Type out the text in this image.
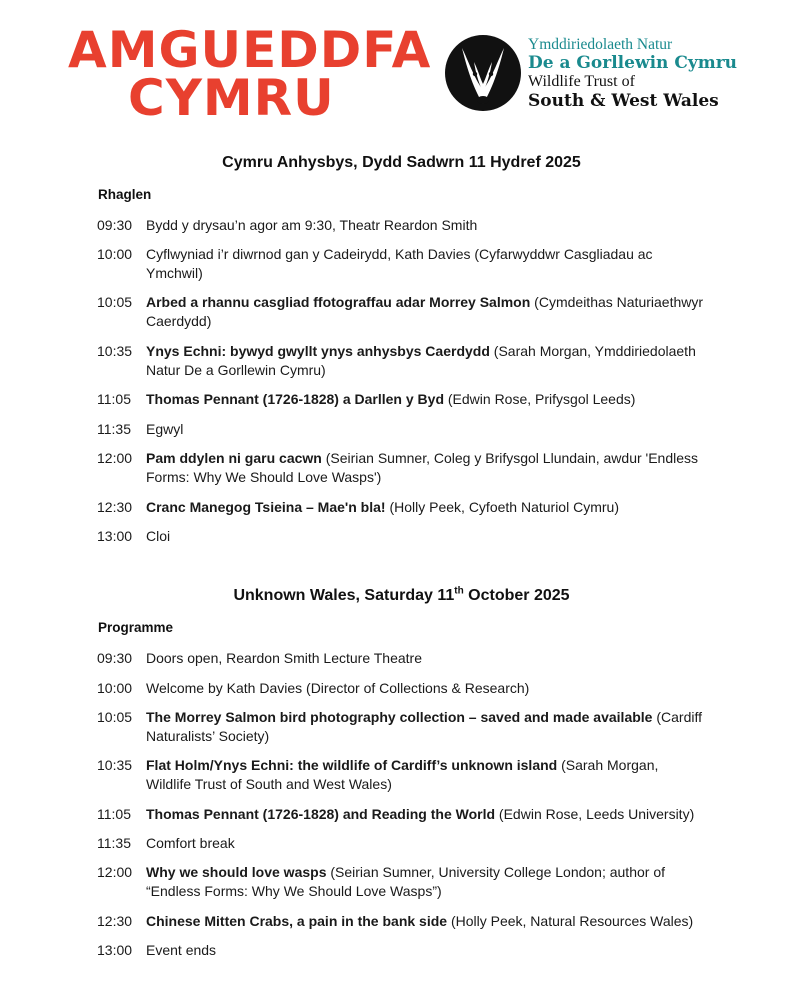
AMGUEDDFA
CYMRU
Ymddiriedolaeth Natur
De a Gorllewin Cymru
Wildlife Trust of
South & West Wales
Cymru Anhysbys, Dydd Sadwrn 11 Hydref 2025
Rhaglen
09:30 Bydd y drysau’n agor am 9:30, Theatr Reardon Smith
10:00 Cyflwyniad i’r diwrnod gan y Cadeirydd, Kath Davies (Cyfarwyddwr Casgliadau ac Ymchwil)
10:05 Arbed a rhannu casgliad ffotograffau adar Morrey Salmon (Cymdeithas Naturiaethwyr Caerdydd)
10:35 Ynys Echni: bywyd gwyllt ynys anhysbys Caerdydd (Sarah Morgan, Ymddiriedolaeth Natur De a Gorllewin Cymru)
11:05	Thomas Pennant (1726-1828) a Darllen y Byd (Edwin Rose, Prifysgol Leeds)
11:35	Egwyl
12:00 Pam ddylen ni garu cacwn (Seirian Sumner, Coleg y Brifysgol Llundain, awdur 'Endless Forms: Why We Should Love Wasps')
12:30 Cranc Manegog Tsieina – Mae'n bla! (Holly Peek, Cyfoeth Naturiol Cymru)
13:00 Cloi
Unknown Wales, Saturday 11th October 2025
Programme
09:30 Doors open, Reardon Smith Lecture Theatre
10:00 Welcome by Kath Davies (Director of Collections & Research)
10:05 The Morrey Salmon bird photography collection – saved and made available (Cardiff Naturalists’ Society)
10:35 Flat Holm/Ynys Echni: the wildlife of Cardiff’s unknown island (Sarah Morgan, Wildlife Trust of South and West Wales)
11:05	Thomas Pennant (1726-1828) and Reading the World (Edwin Rose, Leeds University)
11:35	Comfort break
12:00 Why we should love wasps (Seirian Sumner, University College London; author of “Endless Forms: Why We Should Love Wasps”)
12:30 Chinese Mitten Crabs, a pain in the bank side (Holly Peek, Natural Resources Wales)
13:00 Event ends
